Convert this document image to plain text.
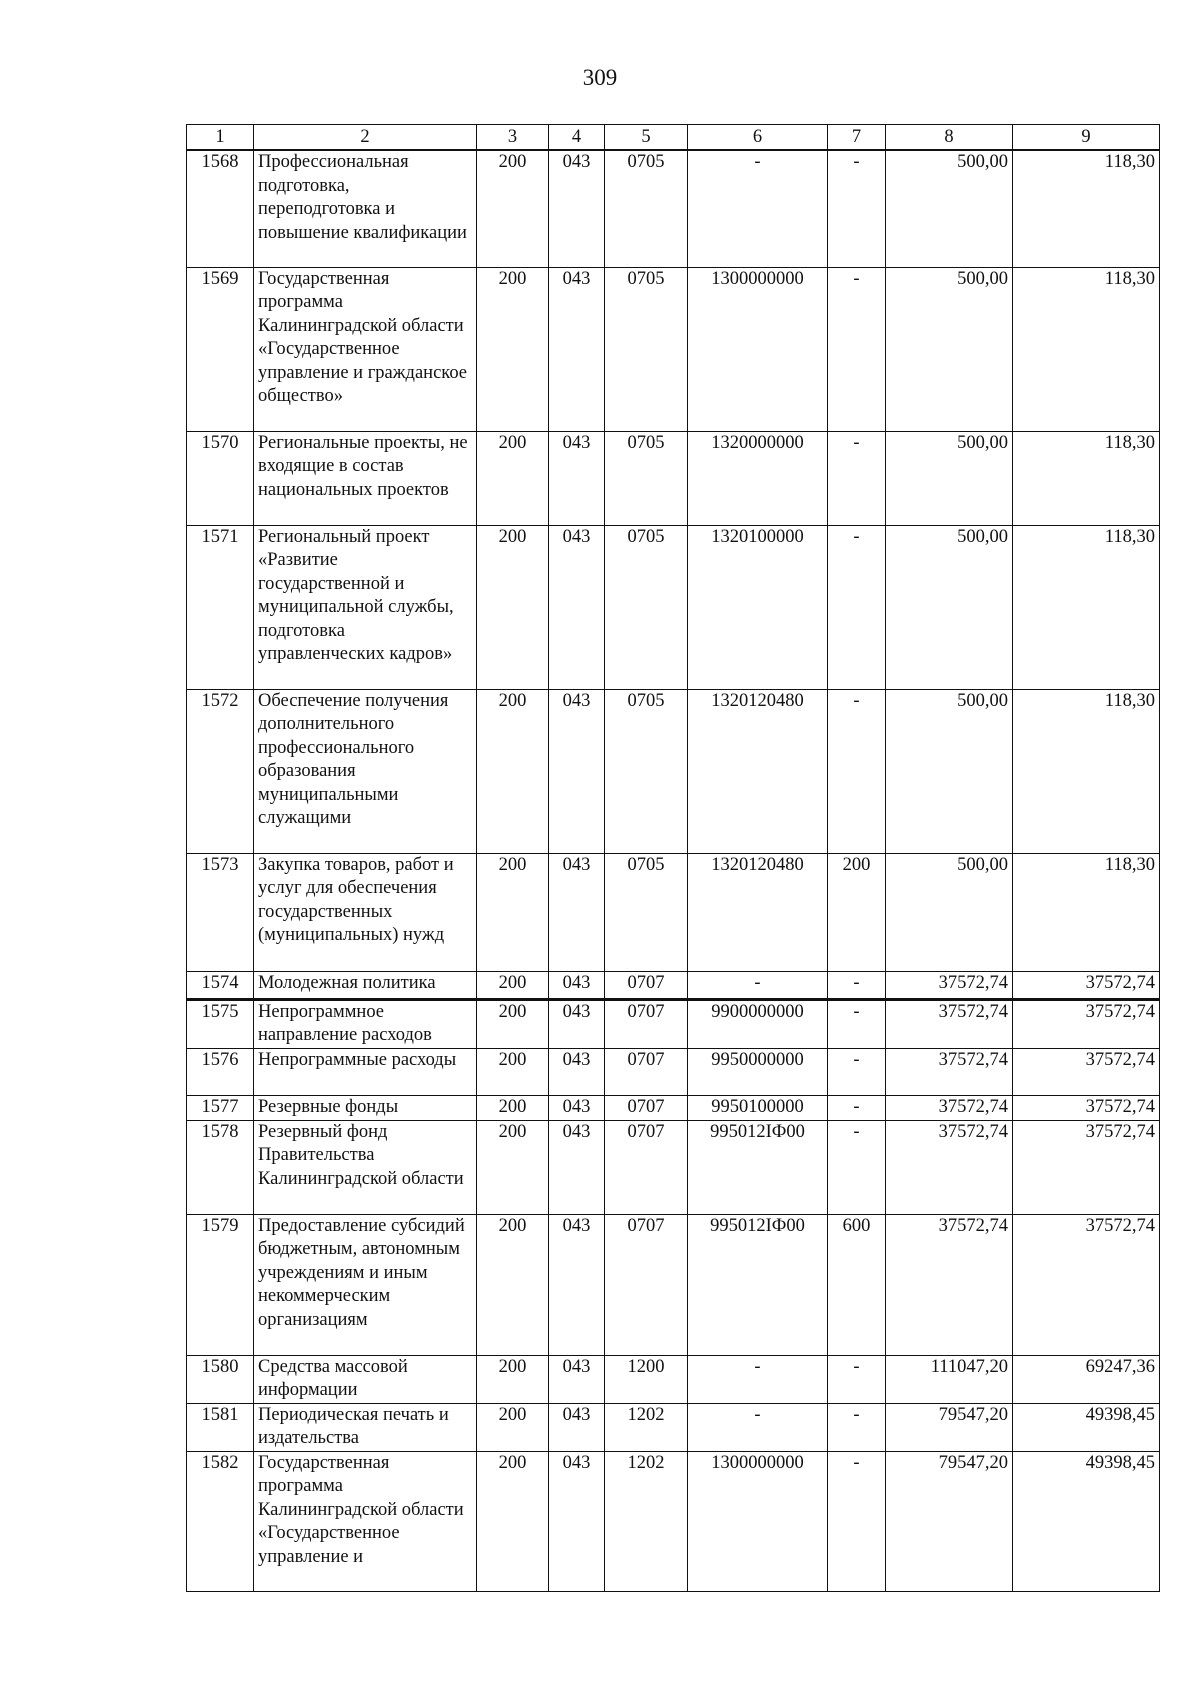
309
1	2	3	4	5	6	7	8	9
1568	Профессиональная подготовка, переподготовка и повышение квалификации	200	043	0705	-	-	500,00	118,30
1569	Государственная программа Калининградской области «Государственное управление и гражданское общество»	200	043	0705	1300000000	-	500,00	118,30
1570	Региональные проекты, не входящие в состав национальных проектов	200	043	0705	1320000000	-	500,00	118,30
1571	Региональный проект «Развитие государственной и муниципальной службы, подготовка управленческих кадров»	200	043	0705	1320100000	-	500,00	118,30
1572	Обеспечение получения дополнительного профессионального образования муниципальными служащими	200	043	0705	1320120480	-	500,00	118,30
1573	Закупка товаров, работ и услуг для обеспечения государственных (муниципальных) нужд	200	043	0705	1320120480	200	500,00	118,30
1574	Молодежная политика	200	043	0707	-	-	37572,74	37572,74
1575	Непрограммное направление расходов	200	043	0707	9900000000	-	37572,74	37572,74
1576	Непрограммные расходы	200	043	0707	9950000000	-	37572,74	37572,74
1577	Резервные фонды	200	043	0707	9950100000	-	37572,74	37572,74
1578	Резервный фонд Правительства Калининградской области	200	043	0707	995012IФ00	-	37572,74	37572,74
1579	Предоставление субсидий бюджетным, автономным учреждениям и иным некоммерческим организациям	200	043	0707	995012IФ00	600	37572,74	37572,74
1580	Средства массовой информации	200	043	1200	-	-	111047,20	69247,36
1581	Периодическая печать и издательства	200	043	1202	-	-	79547,20	49398,45
1582	Государственная программа Калининградской области «Государственное управление и	200	043	1202	1300000000	-	79547,20	49398,45
